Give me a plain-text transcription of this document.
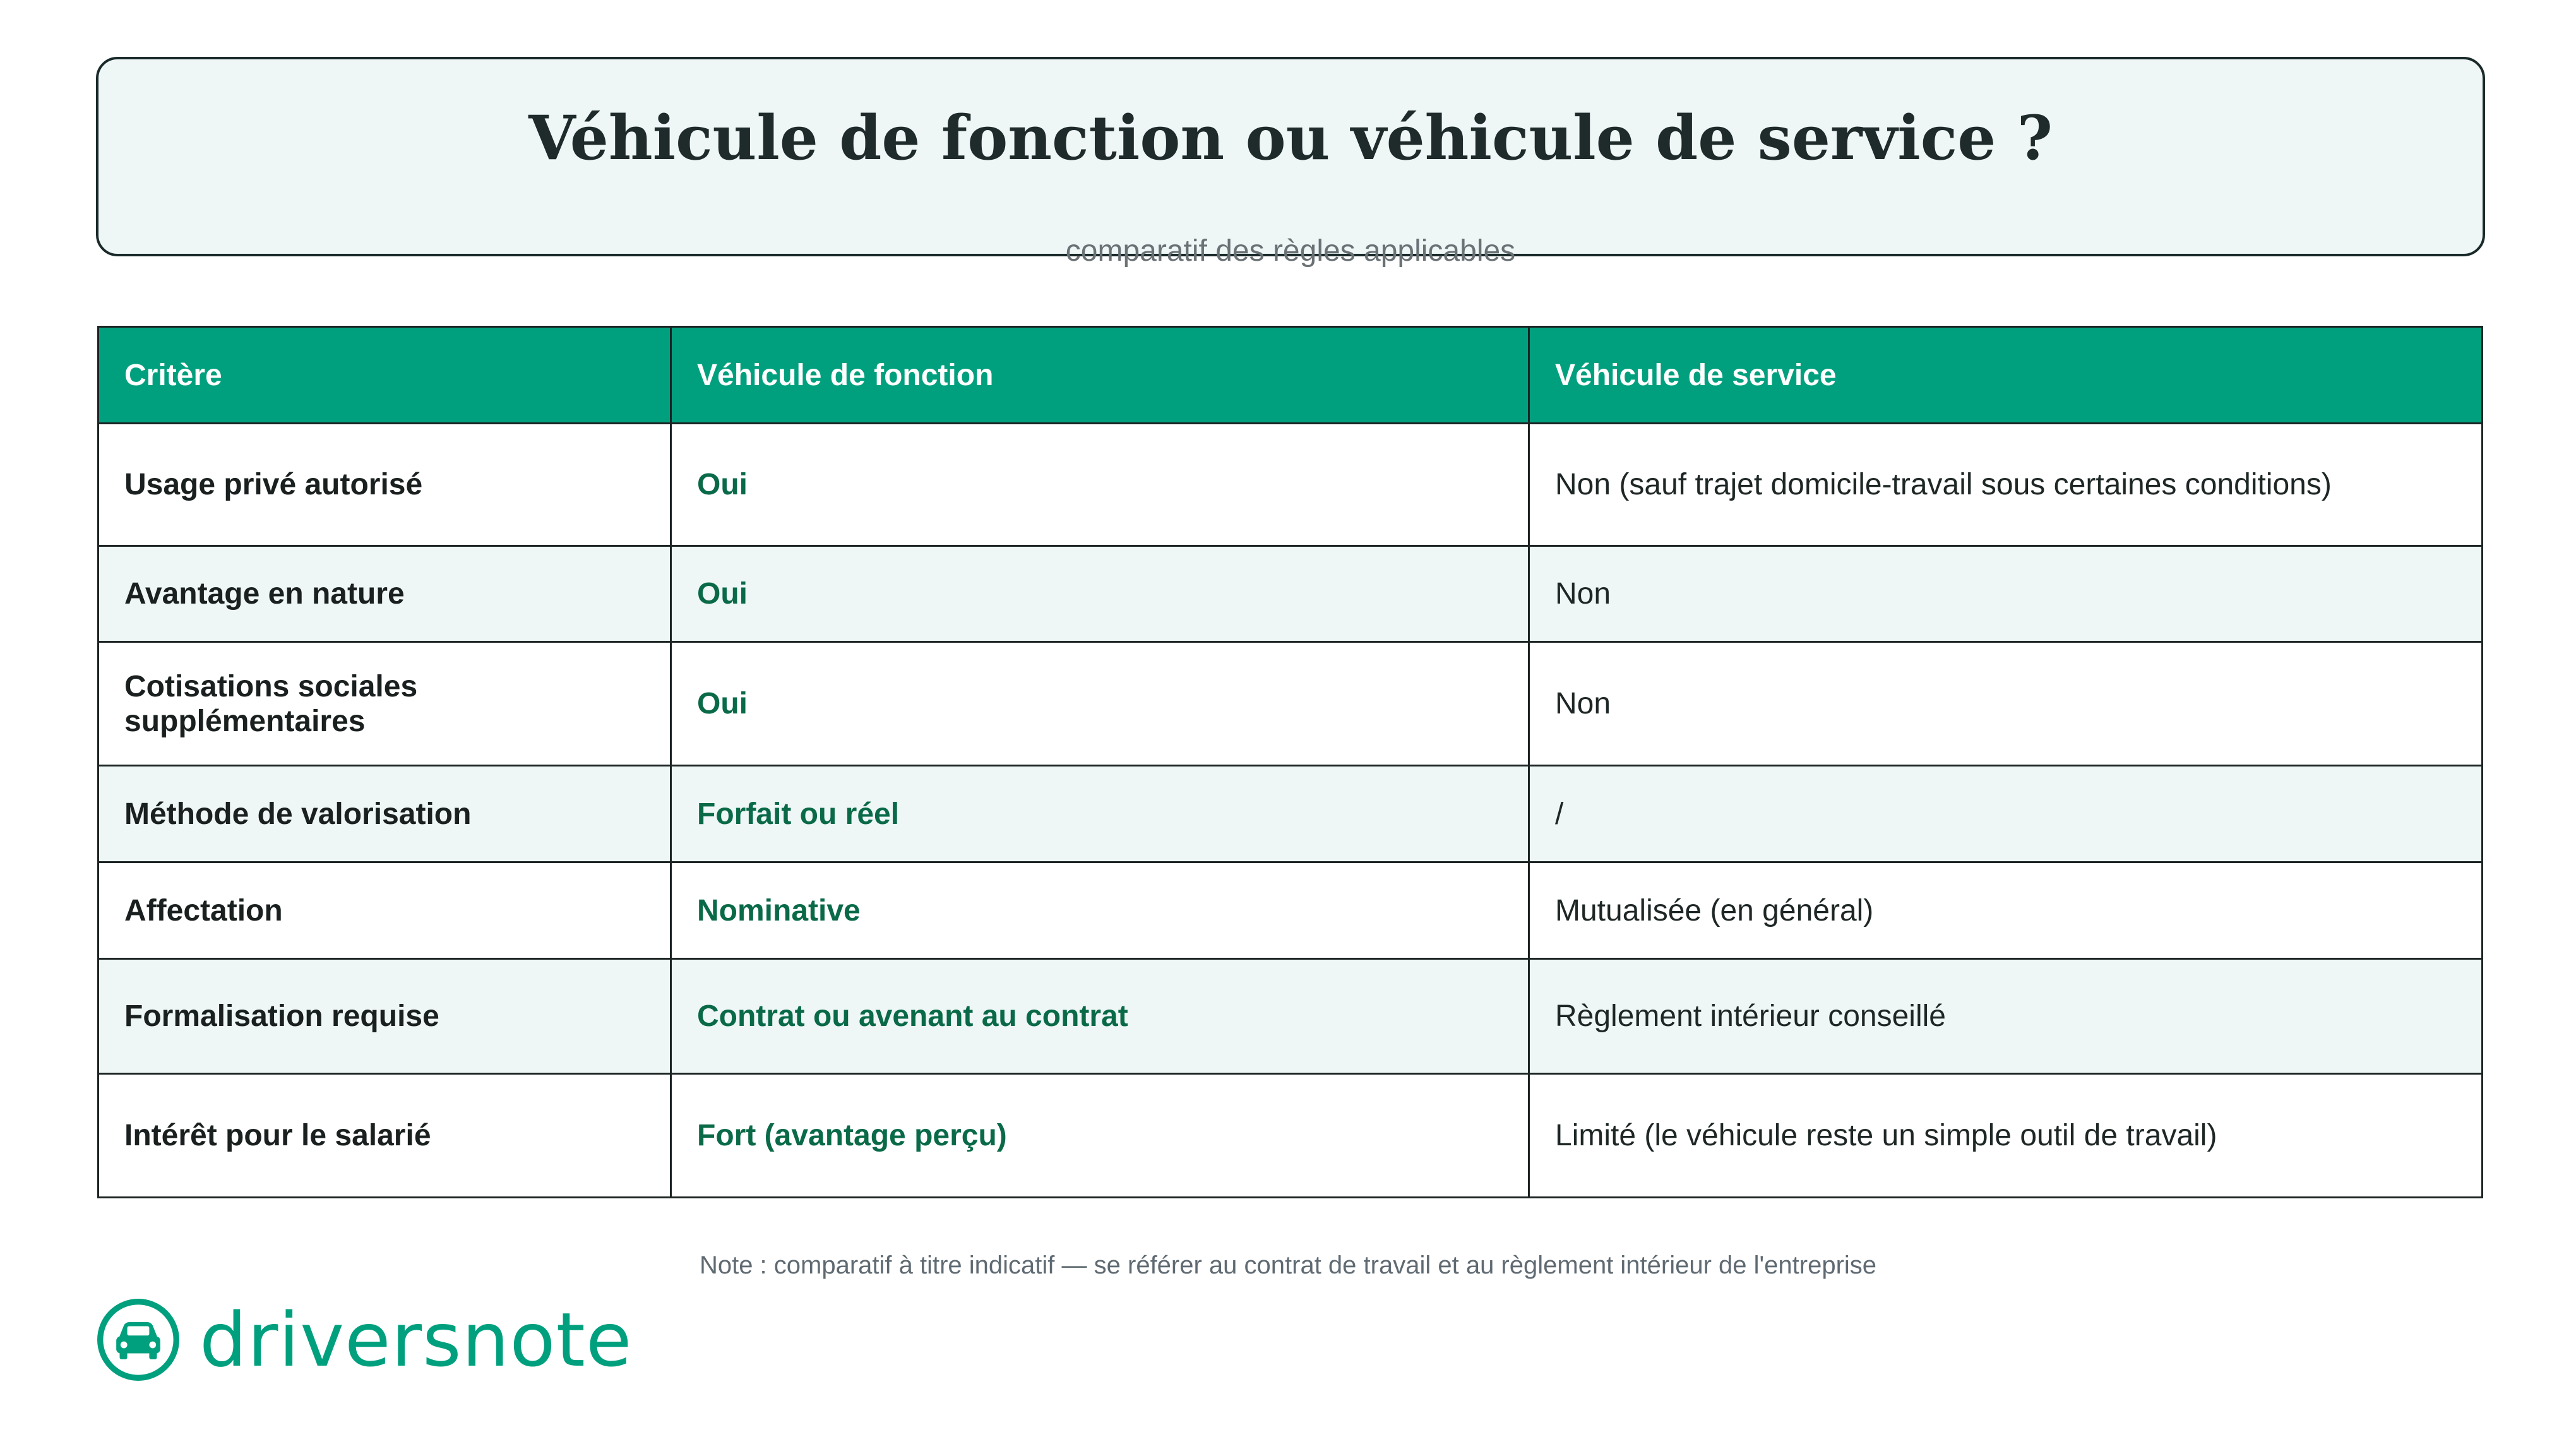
Véhicule de fonction ou véhicule de service ?
comparatif des règles applicables
Critère	Véhicule de fonction	Véhicule de service
Usage privé autorisé	Oui	Non (sauf trajet domicile-travail sous certaines conditions)
Avantage en nature	Oui	Non
Cotisations sociales supplémentaires	Oui	Non
Méthode de valorisation	Forfait ou réel	/
Affectation	Nominative	Mutualisée (en général)
Formalisation requise	Contrat ou avenant au contrat	Règlement intérieur conseillé
Intérêt pour le salarié	Fort (avantage perçu)	Limité (le véhicule reste un simple outil de travail)
Note : comparatif à titre indicatif — se référer au contrat de travail et au règlement intérieur de l'entreprise
driversnote
